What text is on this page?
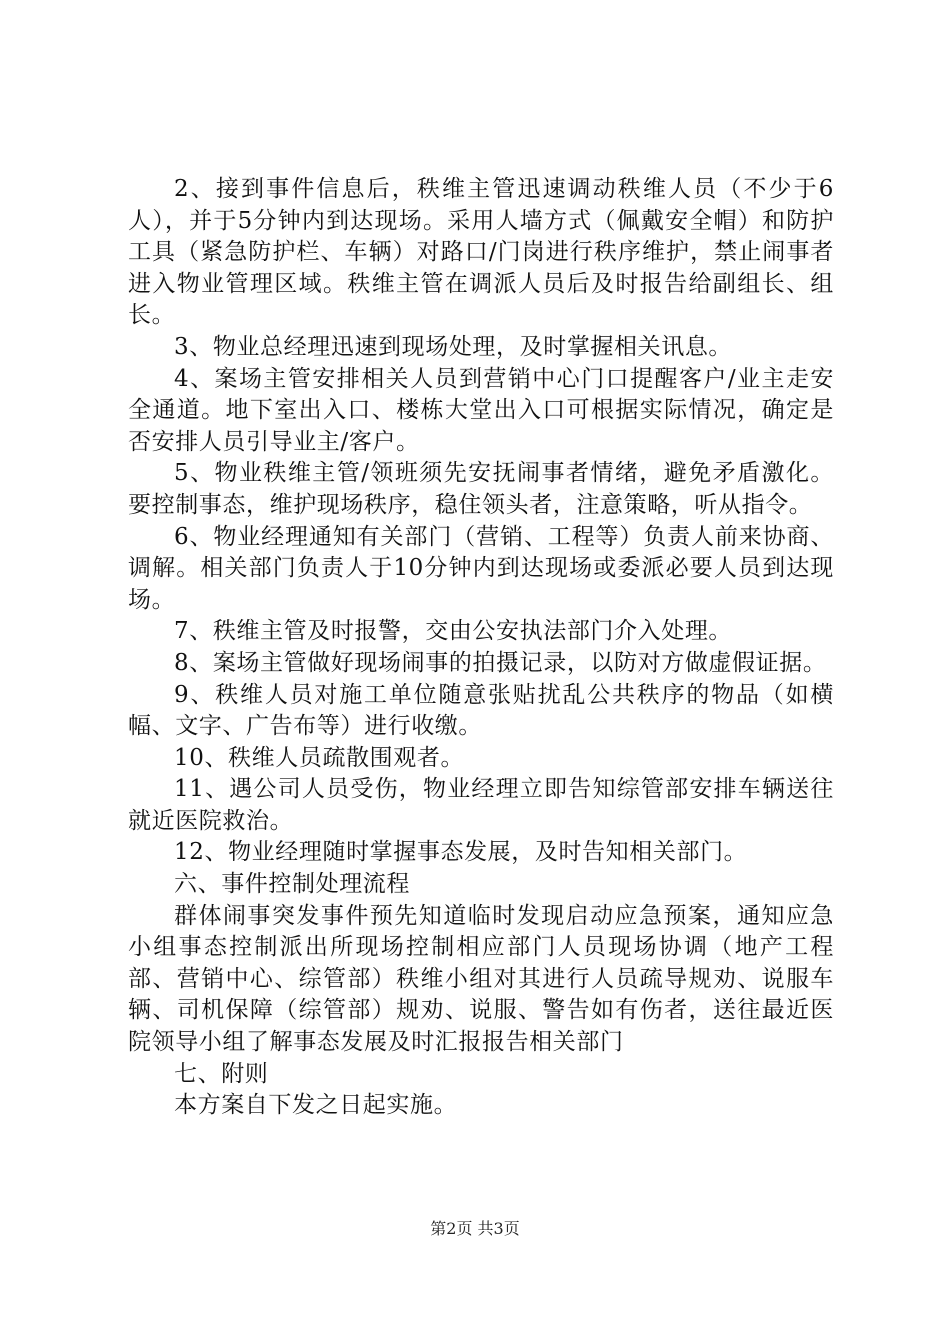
2、接到事件信息后，秩维主管迅速调动秩维人员（不少于6人），并于5分钟内到达现场。采用人墙方式（佩戴安全帽）和防护工具（紧急防护栏、车辆）对路口/门岗进行秩序维护，禁止闹事者进入物业管理区域。秩维主管在调派人员后及时报告给副组长、组长。

3、物业总经理迅速到现场处理，及时掌握相关讯息。

4、案场主管安排相关人员到营销中心门口提醒客户/业主走安全通道。地下室出入口、楼栋大堂出入口可根据实际情况，确定是否安排人员引导业主/客户。

5、物业秩维主管/领班须先安抚闹事者情绪，避免矛盾激化。要控制事态，维护现场秩序，稳住领头者，注意策略，听从指令。

6、物业经理通知有关部门（营销、工程等）负责人前来协商、调解。相关部门负责人于10分钟内到达现场或委派必要人员到达现场。

7、秩维主管及时报警，交由公安执法部门介入处理。

8、案场主管做好现场闹事的拍摄记录，以防对方做虚假证据。

9、秩维人员对施工单位随意张贴扰乱公共秩序的物品（如横幅、文字、广告布等）进行收缴。

10、秩维人员疏散围观者。

11、遇公司人员受伤，物业经理立即告知综管部安排车辆送往就近医院救治。

12、物业经理随时掌握事态发展，及时告知相关部门。

六、事件控制处理流程

群体闹事突发事件预先知道临时发现启动应急预案，通知应急小组事态控制派出所现场控制相应部门人员现场协调（地产工程部、营销中心、综管部）秩维小组对其进行人员疏导规劝、说服车辆、司机保障（综管部）规劝、说服、警告如有伤者，送往最近医院领导小组了解事态发展及时汇报报告相关部门

七、附则

本方案自下发之日起实施。

第2页 共3页
